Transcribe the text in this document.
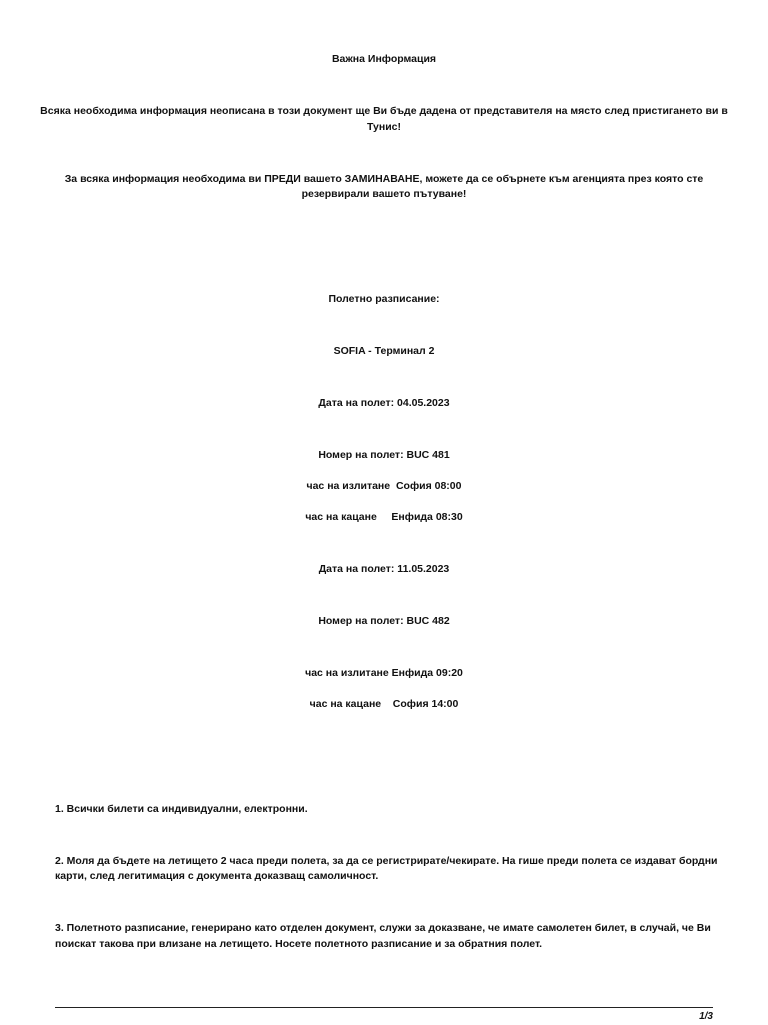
Важна Информация
Всяка необходима информация неописана в този документ ще Ви бъде дадена от представителя на място след пристигането ви в
Тунис!
За всяка информация необходима ви ПРЕДИ вашето ЗАМИНАВАНЕ, можете да се обърнете към агенцията през която сте
резервирали вашето пътуване!
Полетно разписание:
SOFIA - Терминал 2
Дата на полет: 04.05.2023
Номер на полет: BUC 481
час на излитане  София 08:00
час на кацане     Енфида 08:30
Дата на полет: 11.05.2023
Номер на полет: BUC 482
час на излитане Енфида 09:20
час на кацане    София 14:00
1. Всички билети са индивидуални, електронни.
2. Моля да бъдете на летището 2 часа преди полета, за да се регистрирате/чекирате. На гише преди полета се издават бордни
карти, след легитимация с документа доказващ самоличност.
3. Полетното разписание, генерирано като отделен документ, служи за доказване, че имате самолетен билет, в случай, че Ви
поискат такова при влизане на летището. Носете полетното разписание и за обратния полет.
1/3
